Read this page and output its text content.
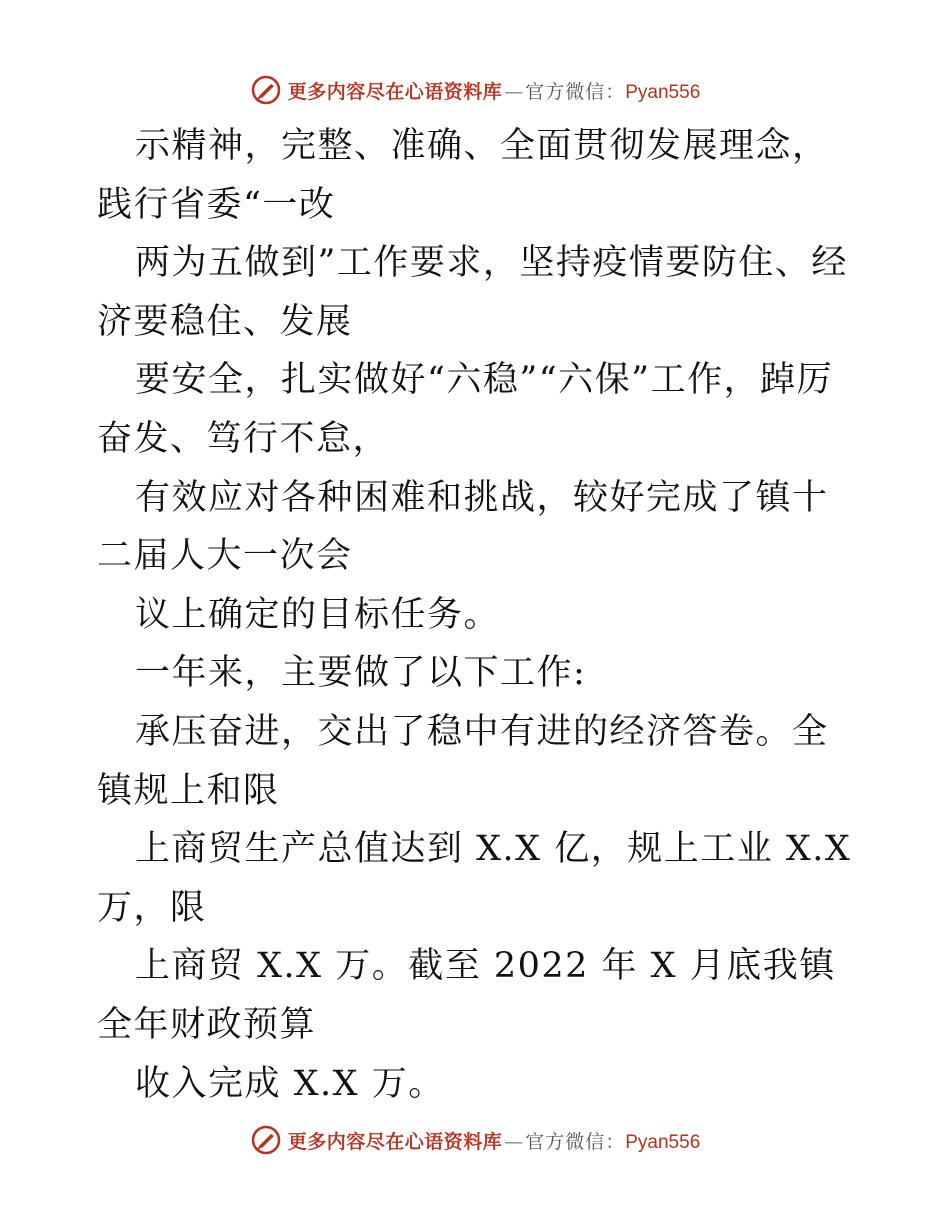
更多内容尽在心语资料库 — 官方微信： Pyan556

示精神，完整、准确、全面贯彻发展理念，践行省委“一改

两为五做到”工作要求，坚持疫情要防住、经济要稳住、发展

要安全，扎实做好“六稳”“六保”工作，踔厉奋发、笃行不怠，

有效应对各种困难和挑战，较好完成了镇十二届人大一次会

议上确定的目标任务。

一年来，主要做了以下工作:

承压奋进，交出了稳中有进的经济答卷。全镇规上和限

上商贸生产总值达到 X.X 亿，规上工业 X.X 万，限

上商贸 X.X 万。截至 2022 年 X 月底我镇全年财政预算

收入完成 X.X 万。

更多内容尽在心语资料库 — 官方微信： Pyan556
